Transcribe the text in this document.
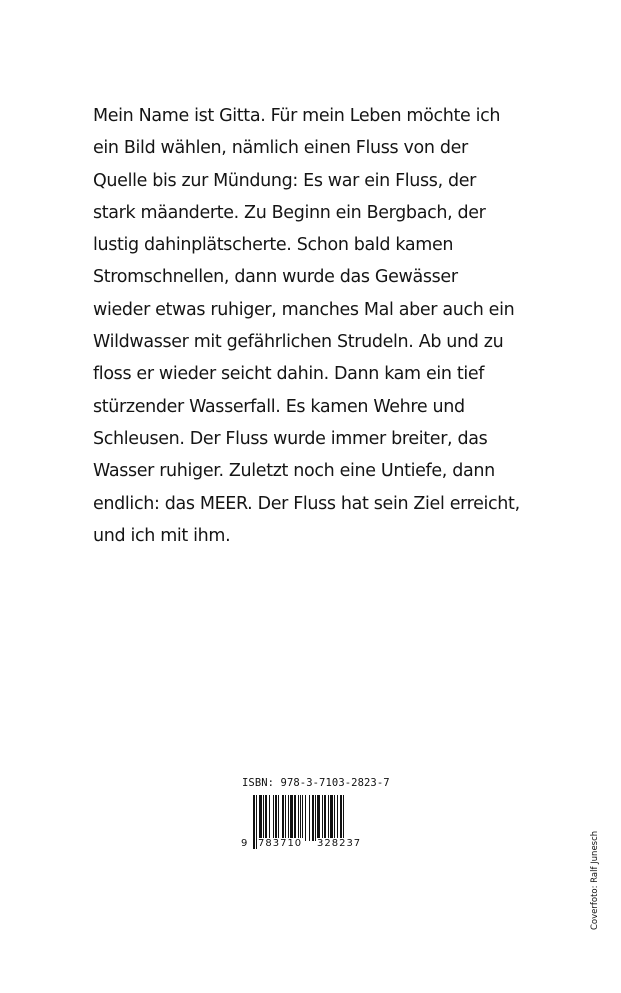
Mein Name ist Gitta. Für mein Leben möchte ich
ein Bild wählen, nämlich einen Fluss von der
Quelle bis zur Mündung: Es war ein Fluss, der
stark mäanderte. Zu Beginn ein Bergbach, der
lustig dahinplätscherte. Schon bald kamen
Stromschnellen, dann wurde das Gewässer
wieder etwas ruhiger, manches Mal aber auch ein
Wildwasser mit gefährlichen Strudeln. Ab und zu
floss er wieder seicht dahin. Dann kam ein tief
stürzender Wasserfall. Es kamen Wehre und
Schleusen. Der Fluss wurde immer breiter, das
Wasser ruhiger. Zuletzt noch eine Untiefe, dann
endlich: das MEER. Der Fluss hat sein Ziel erreicht,
und ich mit ihm.
ISBN: 978-3-7103-2823-7
9 783710 328237	Coverfoto: Ralf Junesch
